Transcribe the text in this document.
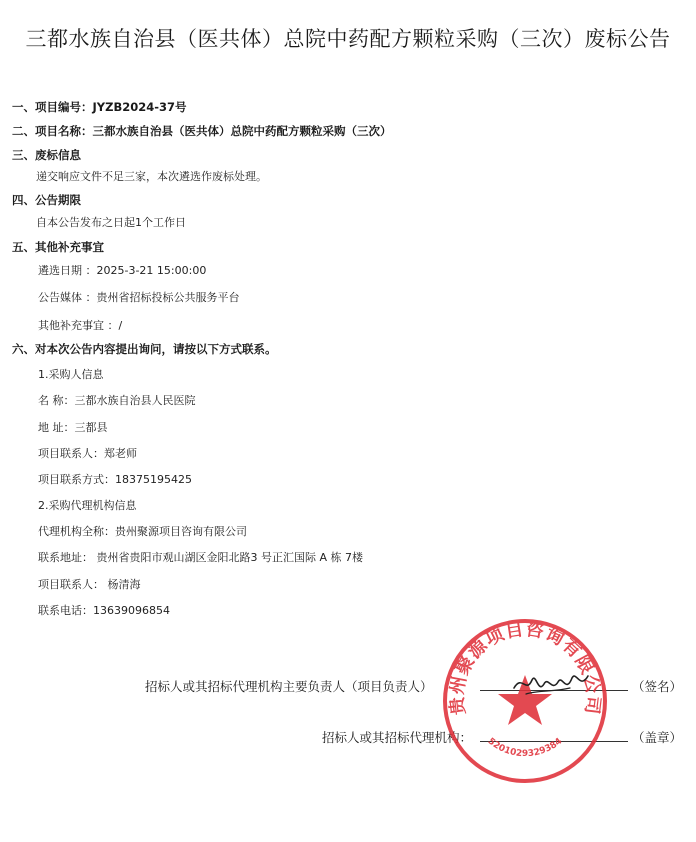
三都水族自治县（医共体）总院中药配方颗粒采购（三次）废标公告
一、项目编号：JYZB2024-37号
二、项目名称：三都水族自治县（医共体）总院中药配方颗粒采购（三次）
三、废标信息
递交响应文件不足三家，本次遴选作废标处理。
四、公告期限
自本公告发布之日起1个工作日
五、其他补充事宜
遴选日期 ：2025-3-21 15:00:00
公告媒体 ：贵州省招标投标公共服务平台
其他补充事宜 ：/
六、对本次公告内容提出询问，请按以下方式联系。
1.采购人信息
名 称：三都水族自治县人民医院
地 址：三都县
项目联系人：郑老师
项目联系方式：18375195425
2.采购代理机构信息
代理机构全称：贵州聚源项目咨询有限公司
联系地址： 贵州省贵阳市观山湖区金阳北路3 号正汇国际 A 栋 7楼
项目联系人： 杨清海
联系电话：13639096854
招标人或其招标代理机构主要负责人（项目负责人）	（签名）
招标人或其招标代理机构：	（盖章）
贵州聚源项目咨询有限公司
5201029329384
